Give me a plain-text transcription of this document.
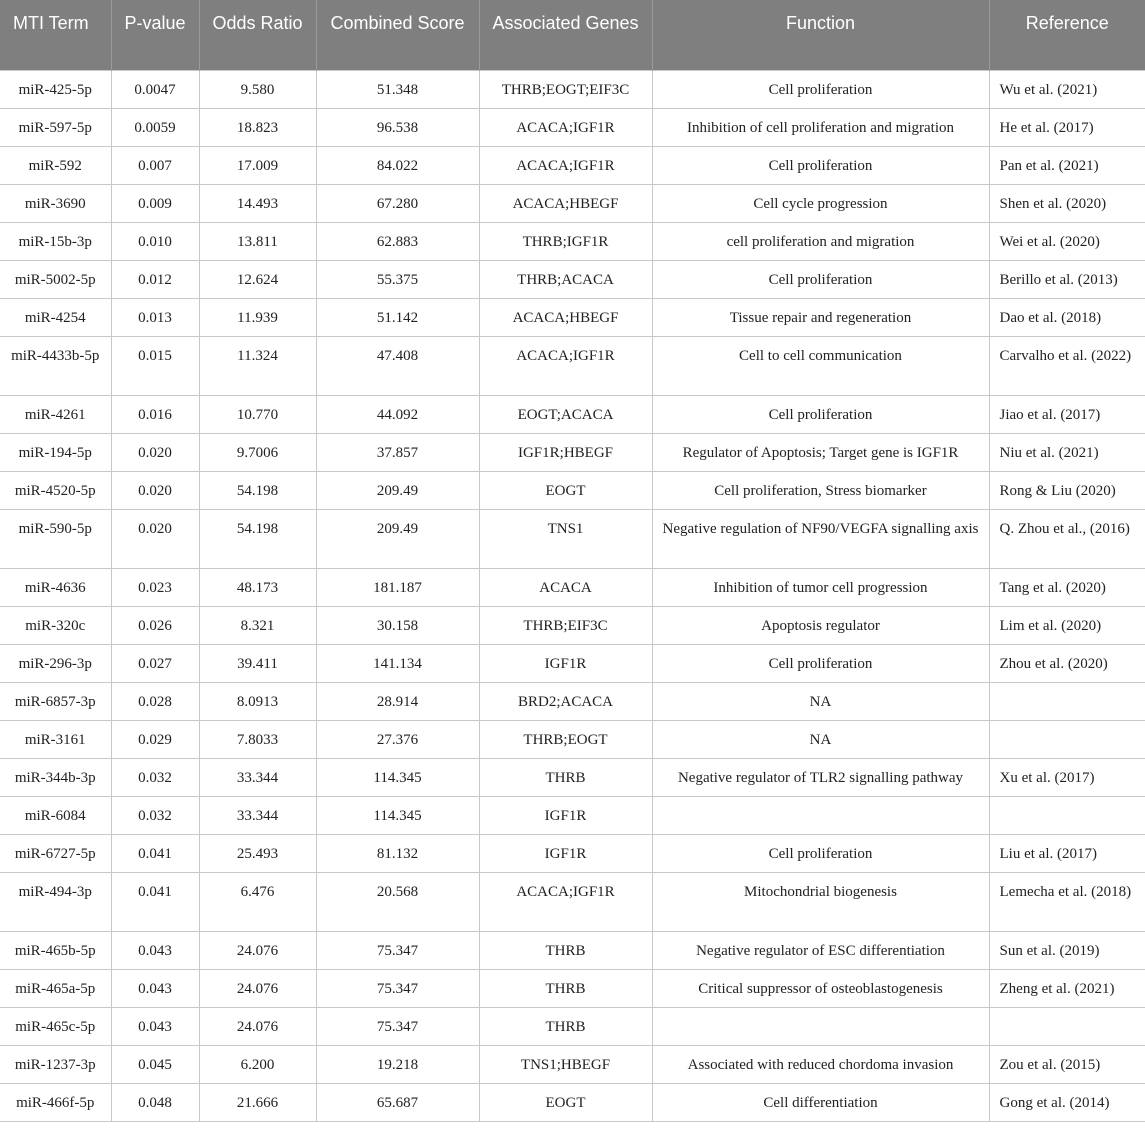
MTI Term	P-value	Odds Ratio	Combined Score	Associated Genes	Function	Reference
miR-425-5p	0.0047	9.580	51.348	THRB;EOGT;EIF3C	Cell proliferation	Wu et al. (2021)
miR-597-5p	0.0059	18.823	96.538	ACACA;IGF1R	Inhibition of cell proliferation and migration	He et al. (2017)
miR-592	0.007	17.009	84.022	ACACA;IGF1R	Cell proliferation	Pan et al. (2021)
miR-3690	0.009	14.493	67.280	ACACA;HBEGF	Cell cycle progression	Shen et al. (2020)
miR-15b-3p	0.010	13.811	62.883	THRB;IGF1R	cell proliferation and migration	Wei et al. (2020)
miR-5002-5p	0.012	12.624	55.375	THRB;ACACA	Cell proliferation	Berillo et al. (2013)
miR-4254	0.013	11.939	51.142	ACACA;HBEGF	Tissue repair and regeneration	Dao et al. (2018)
miR-4433b-5p	0.015	11.324	47.408	ACACA;IGF1R	Cell to cell communication	Carvalho et al. (2022)
miR-4261	0.016	10.770	44.092	EOGT;ACACA	Cell proliferation	Jiao et al. (2017)
miR-194-5p	0.020	9.7006	37.857	IGF1R;HBEGF	Regulator of Apoptosis; Target gene is IGF1R	Niu et al. (2021)
miR-4520-5p	0.020	54.198	209.49	EOGT	Cell proliferation, Stress biomarker	Rong & Liu (2020)
miR-590-5p	0.020	54.198	209.49	TNS1	Negative regulation of NF90/VEGFA signalling axis	Q. Zhou et al., (2016)
miR-4636	0.023	48.173	181.187	ACACA	Inhibition of tumor cell progression	Tang et al. (2020)
miR-320c	0.026	8.321	30.158	THRB;EIF3C	Apoptosis regulator	Lim et al. (2020)
miR-296-3p	0.027	39.411	141.134	IGF1R	Cell proliferation	Zhou et al. (2020)
miR-6857-3p	0.028	8.0913	28.914	BRD2;ACACA	NA	
miR-3161	0.029	7.8033	27.376	THRB;EOGT	NA	
miR-344b-3p	0.032	33.344	114.345	THRB	Negative regulator of TLR2 signalling pathway	Xu et al. (2017)
miR-6084	0.032	33.344	114.345	IGF1R		
miR-6727-5p	0.041	25.493	81.132	IGF1R	Cell proliferation	Liu et al. (2017)
miR-494-3p	0.041	6.476	20.568	ACACA;IGF1R	Mitochondrial biogenesis	Lemecha et al. (2018)
miR-465b-5p	0.043	24.076	75.347	THRB	Negative regulator of ESC differentiation	Sun et al. (2019)
miR-465a-5p	0.043	24.076	75.347	THRB	Critical suppressor of osteoblastogenesis	Zheng et al. (2021)
miR-465c-5p	0.043	24.076	75.347	THRB		
miR-1237-3p	0.045	6.200	19.218	TNS1;HBEGF	Associated with reduced chordoma invasion	Zou et al. (2015)
miR-466f-5p	0.048	21.666	65.687	EOGT	Cell differentiation	Gong et al. (2014)
